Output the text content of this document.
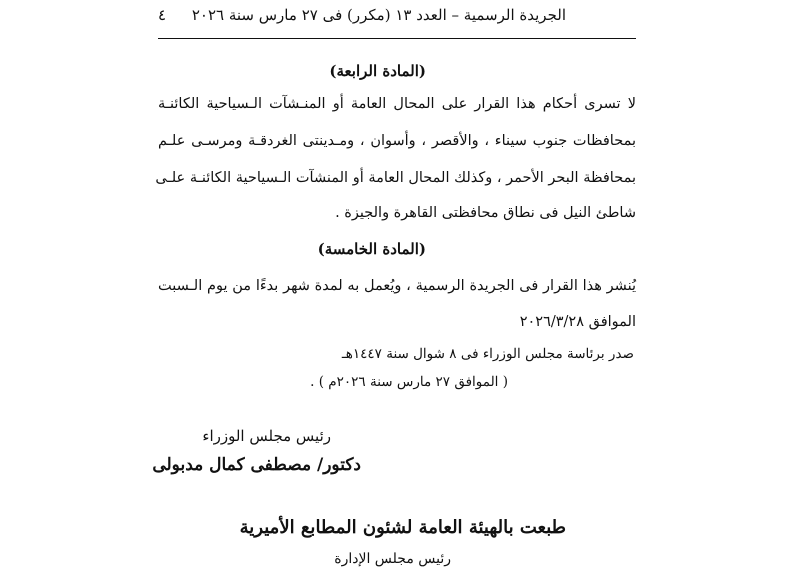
الجريدة الرسمية – العدد ١٣ (مكرر) فى ٢٧ مارس سنة ٢٠٢٦
٤
(المادة الرابعة)
لا تسرى أحكام هذا القرار على المحال العامة أو المنـشآت الـسياحية الكائنـة
بمحافظات جنوب سيناء ، والأقصر ، وأسوان ، ومـدينتى الغردقـة ومرسـى علـم
بمحافظة البحر الأحمر ، وكذلك المحال العامة أو المنشآت الـسياحية الكائنـة علـى
شاطئ النيل فى نطاق محافظتى القاهرة والجيزة .
(المادة الخامسة)
يُنشر هذا القرار فى الجريدة الرسمية ، ويُعمل به لمدة شهر بدءًا من يوم الـسبت
الموافق ٢٠٢٦/٣/٢٨
صدر برئاسة مجلس الوزراء فى ٨ شوال سنة ١٤٤٧هـ
( الموافق ٢٧ مارس سنة ٢٠٢٦م ) .
رئيس مجلس الوزراء
دكتور/ مصطفى كمال مدبولى
طبعت بالهيئة العامة لشئون المطابع الأميرية
رئيس مجلس الإدارة
